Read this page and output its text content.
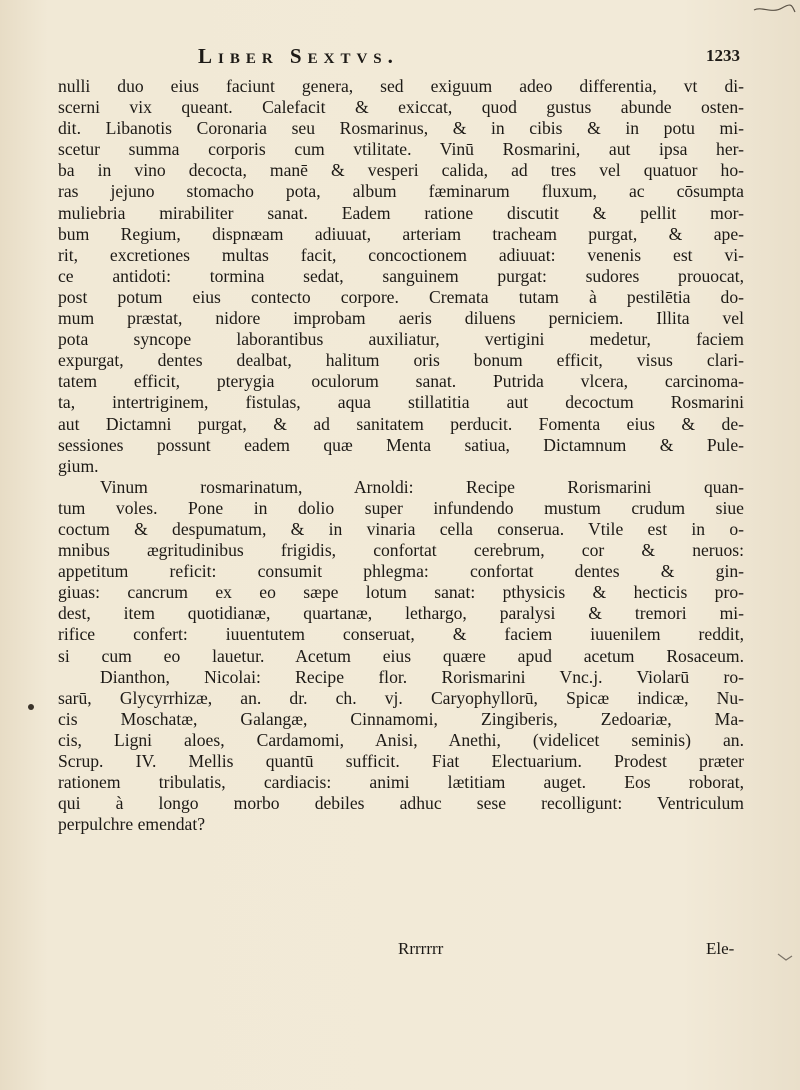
Liber Sextvs.	1233
nulli duo eius faciunt genera, sed exiguum adeo differentia, vt di-
scerni vix queant. Calefacit & exiccat, quod gustus abunde osten-
dit. Libanotis Coronaria seu Rosmarinus, & in cibis & in potu mi-
scetur summa corporis cum vtilitate. Vinū Rosmarini, aut ipsa her-
ba in vino decocta, manē & vesperi calida, ad tres vel quatuor ho-
ras jejuno stomacho pota, album fæminarum fluxum, ac cōsumpta
muliebria mirabiliter sanat. Eadem ratione discutit & pellit mor-
bum Regium, dispnæam adiuuat, arteriam tracheam purgat, & ape-
rit, excretiones multas facit, concoctionem adiuuat: venenis est vi-
ce antidoti: tormina sedat, sanguinem purgat: sudores prouocat,
post potum eius contecto corpore. Cremata tutam à pestilētia do-
mum præstat, nidore improbam aeris diluens perniciem. Illita vel
pota syncope laborantibus auxiliatur, vertigini medetur, faciem
expurgat, dentes dealbat, halitum oris bonum efficit, visus clari-
tatem efficit, pterygia oculorum sanat. Putrida vlcera, carcinoma-
ta, intertriginem, fistulas, aqua stillatitia aut decoctum Rosmarini
aut Dictamni purgat, & ad sanitatem perducit. Fomenta eius & de-
sessiones possunt eadem quæ Menta satiua, Dictamnum & Pule-
gium.
Vinum rosmarinatum, Arnoldi: Recipe Rorismarini quan-
tum voles. Pone in dolio super infundendo mustum crudum siue
coctum & despumatum, & in vinaria cella conserua. Vtile est in o-
mnibus ægritudinibus frigidis, confortat cerebrum, cor & neruos:
appetitum reficit: consumit phlegma: confortat dentes & gin-
giuas: cancrum ex eo sæpe lotum sanat: pthysicis & hecticis pro-
dest, item quotidianæ, quartanæ, lethargo, paralysi & tremori mi-
rifice confert: iuuentutem conseruat, & faciem iuuenilem reddit,
si cum eo lauetur. Acetum eius quære apud acetum Rosaceum.
Dianthon, Nicolai: Recipe flor. Rorismarini Vnc.j. Violarū ro-
sarū, Glycyrrhizæ, an. dr. ch. vj. Caryophyllorū, Spicæ indicæ, Nu-
cis Moschatæ, Galangæ, Cinnamomi, Zingiberis, Zedoariæ, Ma-
cis, Ligni aloes, Cardamomi, Anisi, Anethi, (videlicet seminis) an.
Scrup. IV. Mellis quantū sufficit. Fiat Electuarium. Prodest præter
rationem tribulatis, cardiacis: animi lætitiam auget. Eos roborat,
qui à longo morbo debiles adhuc sese recolligunt: Ventriculum
perpulchre emendat?
Rrrrrrr	Ele-
